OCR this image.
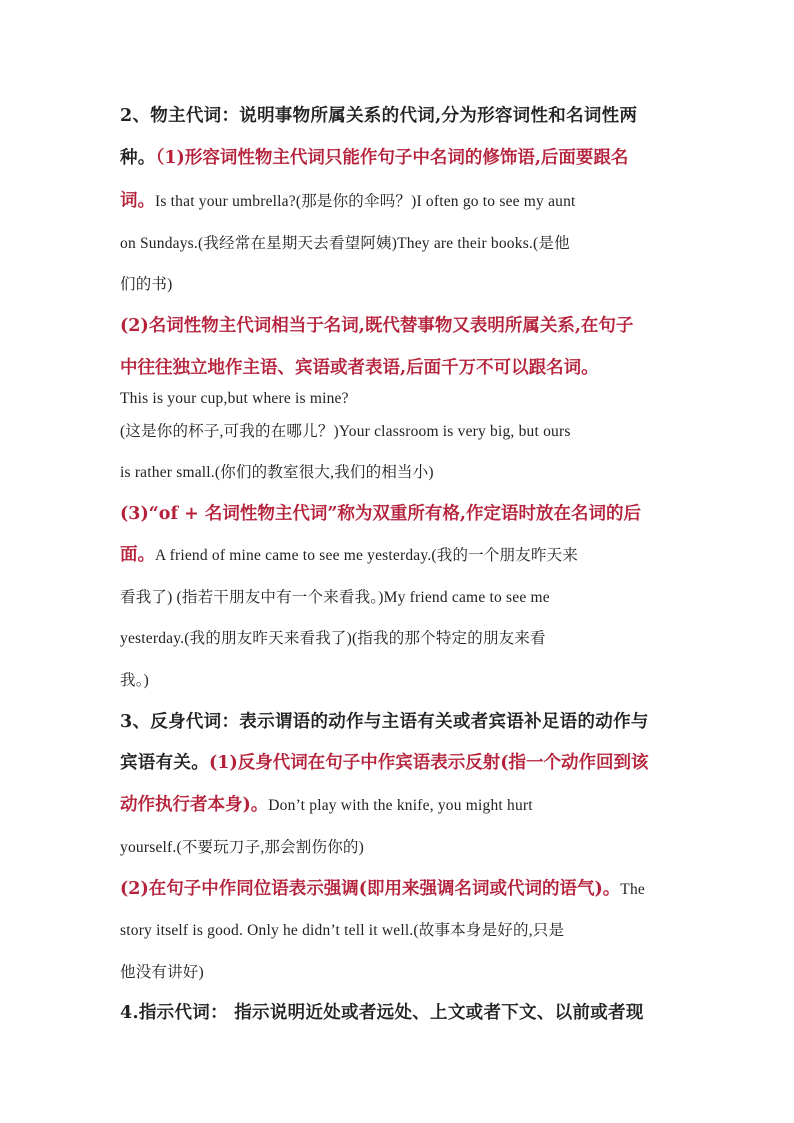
2、物主代词：说明事物所属关系的代词,分为形容词性和名词性两
种。（1)形容词性物主代词只能作句子中名词的修饰语,后面要跟名
词。Is that your umbrella?(那是你的伞吗？)I often go to see my aunt
on Sundays.(我经常在星期天去看望阿姨)They are their books.(是他
们的书)
(2)名词性物主代词相当于名词,既代替事物又表明所属关系,在句子
中往往独立地作主语、宾语或者表语,后面千万不可以跟名词。
This is your cup,but where is mine?
(这是你的杯子,可我的在哪儿？)Your classroom is very big, but ours
is rather small.(你们的教室很大,我们的相当小)
(3)“of + 名词性物主代词”称为双重所有格,作定语时放在名词的后
面。A friend of mine came to see me yesterday.(我的一个朋友昨天来
看我了) (指若干朋友中有一个来看我。)My friend came to see me
yesterday.(我的朋友昨天来看我了)(指我的那个特定的朋友来看
我。)
3、反身代词：表示谓语的动作与主语有关或者宾语补足语的动作与
宾语有关。(1)反身代词在句子中作宾语表示反射(指一个动作回到该
动作执行者本身)。Don’t play with the knife, you might hurt
yourself.(不要玩刀子,那会割伤你的)
(2)在句子中作同位语表示强调(即用来强调名词或代词的语气)。The
story itself is good. Only he didn’t tell it well.(故事本身是好的,只是
他没有讲好)
4.指示代词： 指示说明近处或者远处、上文或者下文、以前或者现
